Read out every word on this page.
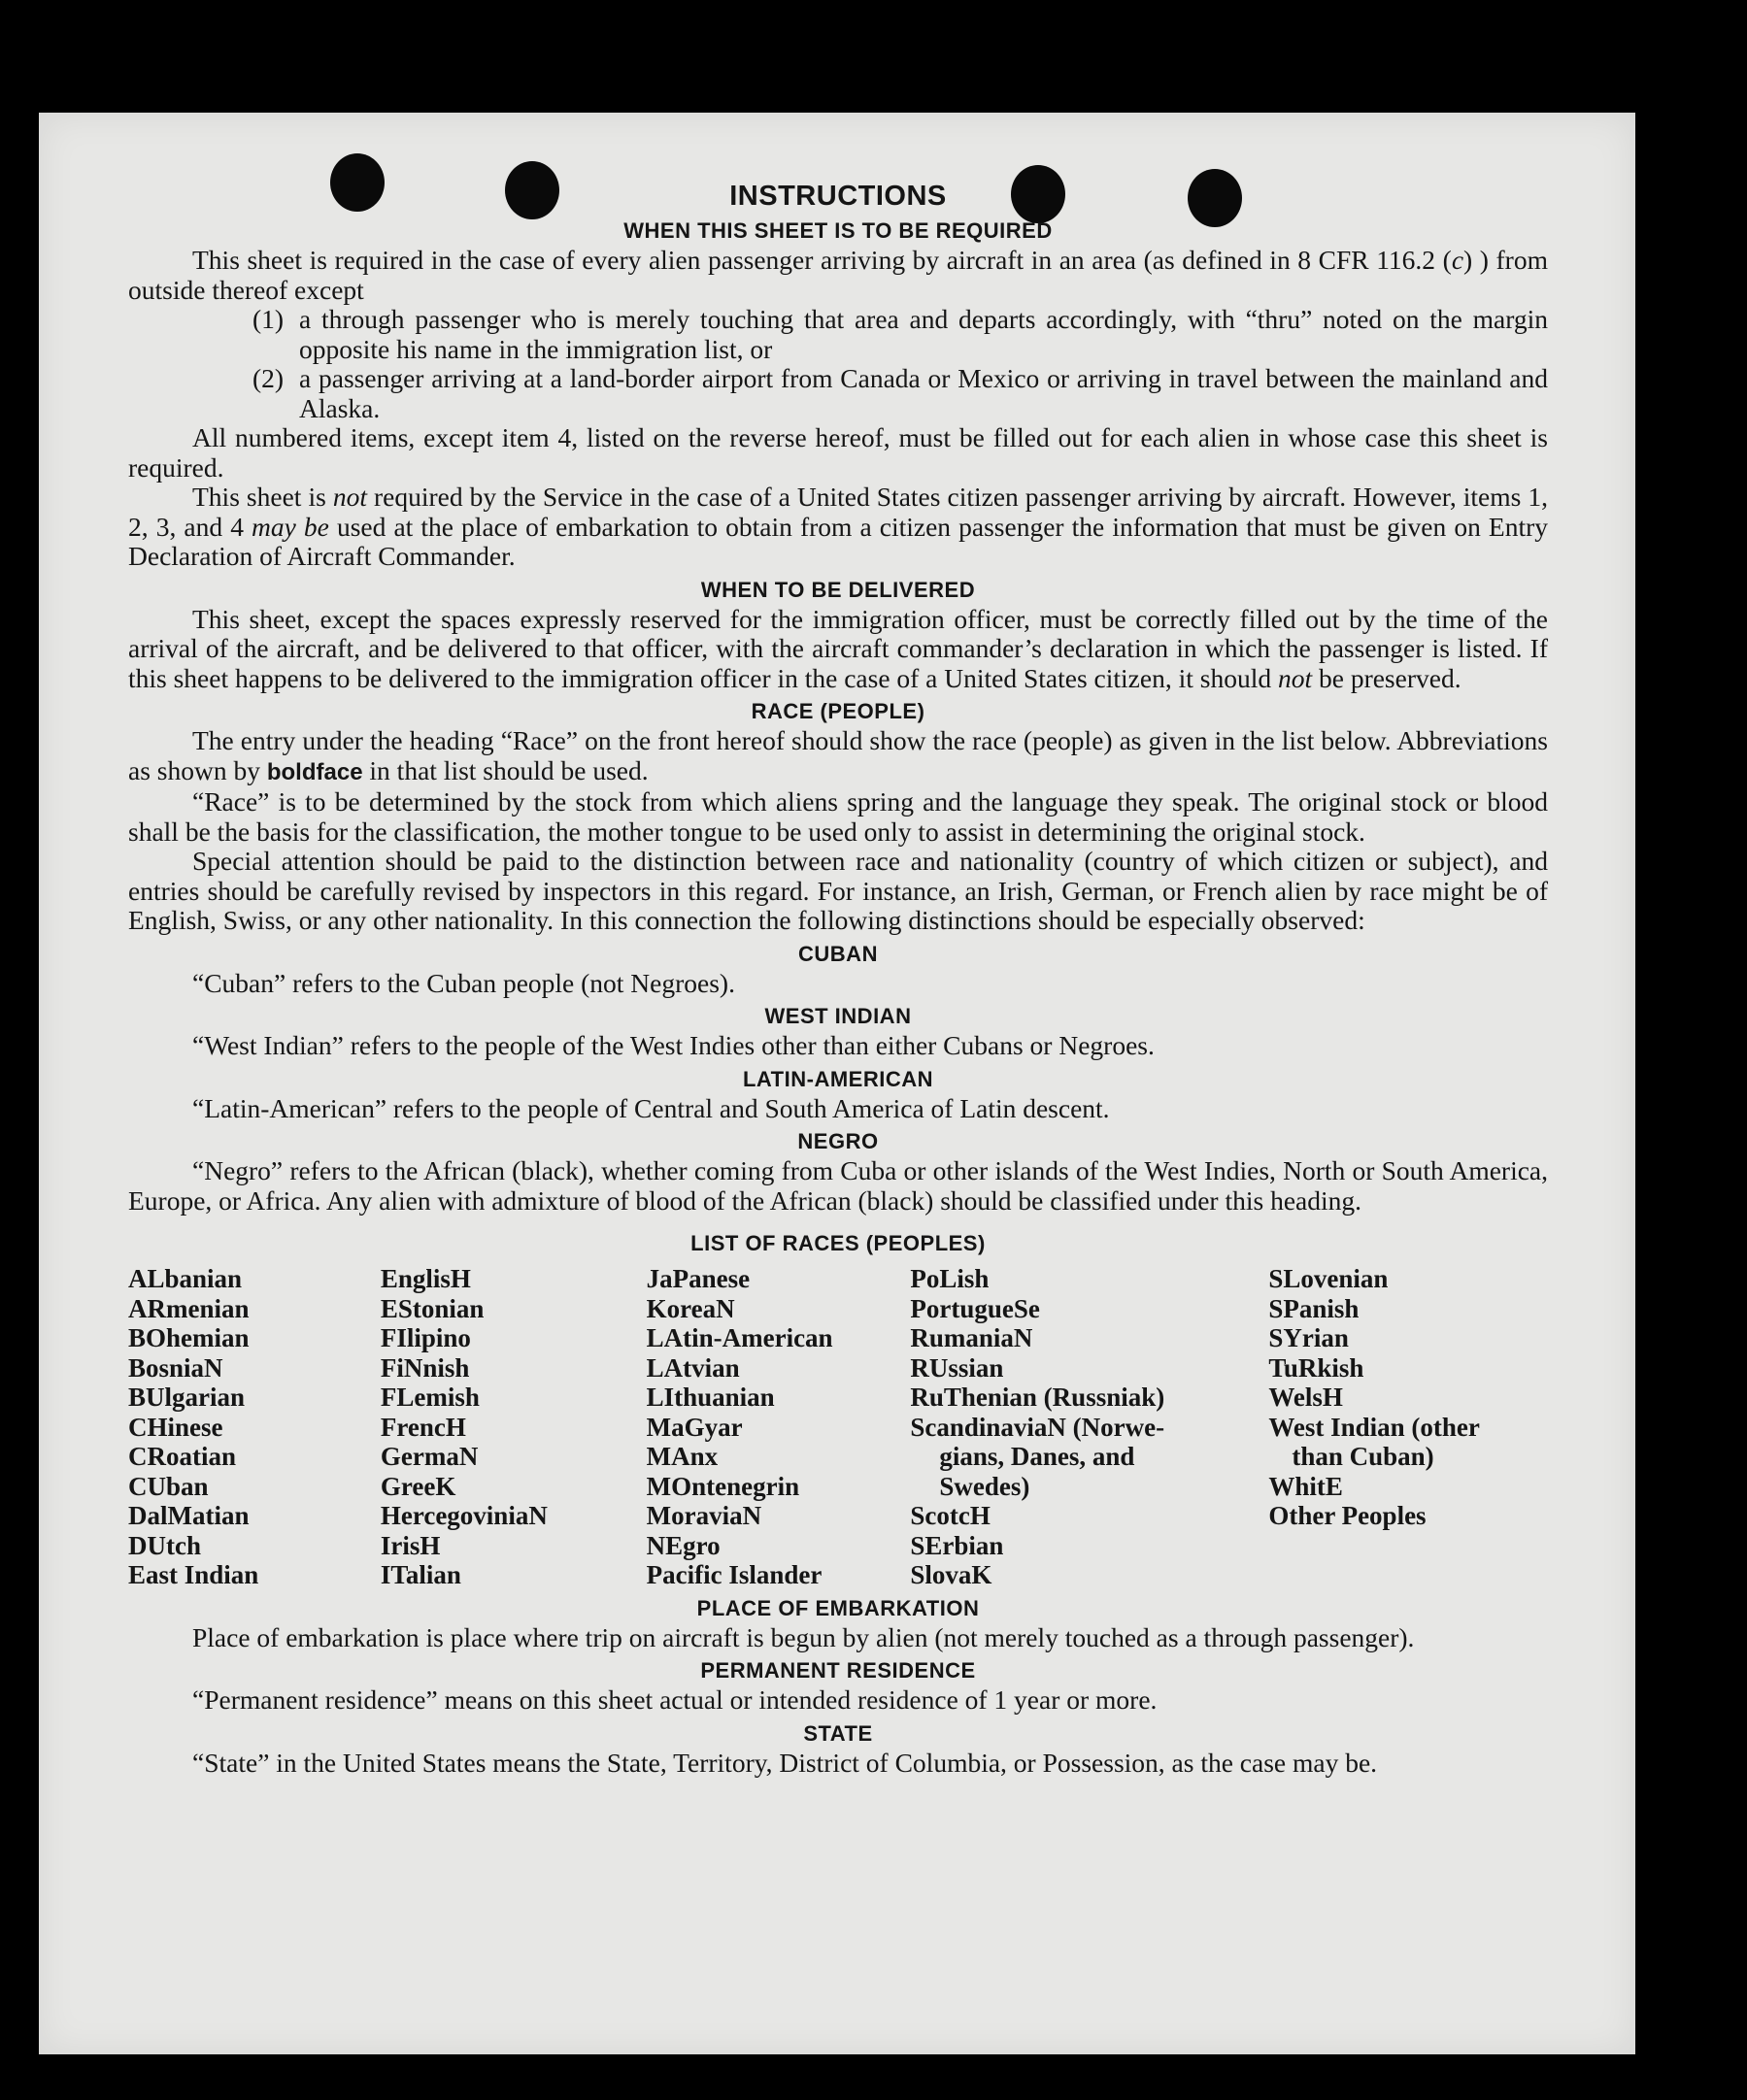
INSTRUCTIONS
WHEN THIS SHEET IS TO BE REQUIRED

This sheet is required in the case of every alien passenger arriving by aircraft in an area (as defined in 8 CFR 116.2 (c) ) from outside thereof except

(1) a through passenger who is merely touching that area and departs accordingly, with “thru” noted on the margin opposite his name in the immigration list, or
(2) a passenger arriving at a land-border airport from Canada or Mexico or arriving in travel between the mainland and Alaska.

All numbered items, except item 4, listed on the reverse hereof, must be filled out for each alien in whose case this sheet is required.

This sheet is not required by the Service in the case of a United States citizen passenger arriving by aircraft. However, items 1, 2, 3, and 4 may be used at the place of embarkation to obtain from a citizen passenger the information that must be given on Entry Declaration of Aircraft Commander.

WHEN TO BE DELIVERED

This sheet, except the spaces expressly reserved for the immigration officer, must be correctly filled out by the time of the arrival of the aircraft, and be delivered to that officer, with the aircraft commander’s declaration in which the passenger is listed. If this sheet happens to be delivered to the immigration officer in the case of a United States citizen, it should not be preserved.

RACE (PEOPLE)

The entry under the heading “Race” on the front hereof should show the race (people) as given in the list below. Abbreviations as shown by boldface in that list should be used.

“Race” is to be determined by the stock from which aliens spring and the language they speak. The original stock or blood shall be the basis for the classification, the mother tongue to be used only to assist in determining the original stock.

Special attention should be paid to the distinction between race and nationality (country of which citizen or subject), and entries should be carefully revised by inspectors in this regard. For instance, an Irish, German, or French alien by race might be of English, Swiss, or any other nationality. In this connection the following distinctions should be especially observed:

CUBAN
“Cuban” refers to the Cuban people (not Negroes).
WEST INDIAN
“West Indian” refers to the people of the West Indies other than either Cubans or Negroes.
LATIN-AMERICAN
“Latin-American” refers to the people of Central and South America of Latin descent.
NEGRO

“Negro” refers to the African (black), whether coming from Cuba or other islands of the West Indies, North or South America, Europe, or Africa. Any alien with admixture of blood of the African (black) should be classified under this heading.

LIST OF RACES (PEOPLES)
ALbanian
ARmenian
BOhemian
BosniaN
BUlgarian
CHinese
CRoatian
CUban
DalMatian
DUtch
East Indian
EnglisH
EStonian
FIlipino
FiNnish
FLemish
FrencH
GermaN
GreeK
HercegoviniaN
IrisH
ITalian
JaPanese
KoreaN
LAtin-American
LAtvian
LIthuanian
MaGyar
MAnx
MOntenegrin
MoraviaN
NEgro
Pacific Islander
PoLish
PortugueSe
RumaniaN
RUssian
RuThenian (Russniak)
ScandinaviaN (Norwe-
gians, Danes, and
Swedes)
ScotcH
SErbian
SlovaK
SLovenian
SPanish
SYrian
TuRkish
WelsH
West Indian (other
than Cuban)
WhitE
Other Peoples
PLACE OF EMBARKATION

Place of embarkation is place where trip on aircraft is begun by alien (not merely touched as a through passenger).

PERMANENT RESIDENCE
“Permanent residence” means on this sheet actual or intended residence of 1 year or more.
STATE

“State” in the United States means the State, Territory, District of Columbia, or Possession, as the case may be.
